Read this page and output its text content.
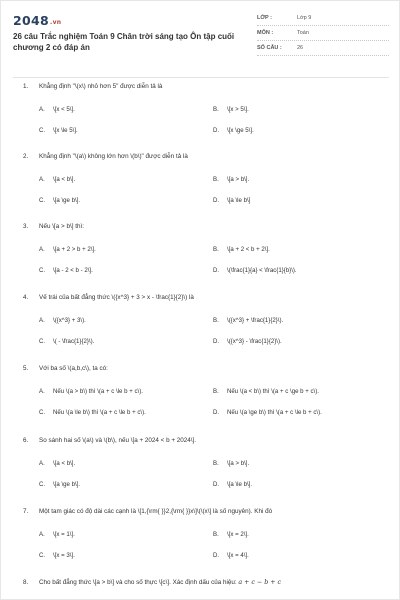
2048.vn
26 câu Trắc nghiệm Toán 9 Chân trời sáng tạo Ôn tập cuối chương 2 có đáp án
LỚP :	Lớp 9
MÔN :	Toán
SỐ CÂU :	26
1. Khẳng định "\(x\) nhỏ hơn 5" được diễn tả là
A. \[x < 5\].	B. \[x > 5\].
C. \[x \le 5\].	D. \[x \ge 5\].
2. Khẳng định "\(a\) không lớn hơn \(b\)" được diễn tả là
A. \[a < b\].	B. \[a > b\].
C. \[a \ge b\].	D. \[a \le b\]
3. Nếu \[a > b\] thì:
A. \[a + 2 > b + 2\].	B. \[a + 2 < b + 2\].
C. \[a - 2 < b - 2\].	D. \(\frac{1}{a} < \frac{1}{b}\).
4. Vế trái của bất đẳng thức \({x^3} + 3 > x - \frac{1}{2}\) là
A. \({x^3} + 3\).	B. \({x^3} + \frac{1}{2}\).
C. \( - \frac{1}{2}\).	D. \({x^3} - \frac{1}{2}\).
5. Với ba số \(a,b,c\), ta có:
A. Nếu \(a > b\) thì \(a + c \le b + c\).	B. Nếu \(a < b\) thì \(a + c \ge b + c\).
C. Nếu \(a \le b\) thì \(a + c \le b + c\).	D. Nếu \(a \ge b\) thì \(a + c \le b + c\).
6. So sánh hai số \(a\) và \(b\), nếu \[a + 2024 < b + 2024\].
A. \[a < b\].	B. \[a > b\].
C. \[a \ge b\].	D. \[a \le b\].
7. Một tam giác có độ dài các cạnh là \[1,{\rm{ }}2,{\rm{ }}x\]\(\(x\] là số nguyên). Khi đó
A. \[x = 1\].	B. \[x = 2\].
C. \[x = 3\].	D. \[x = 4\].
8. Cho bất đẳng thức \[a > b\] và cho số thực \[c\]. Xác định dấu của hiệu: a + c − b + c
